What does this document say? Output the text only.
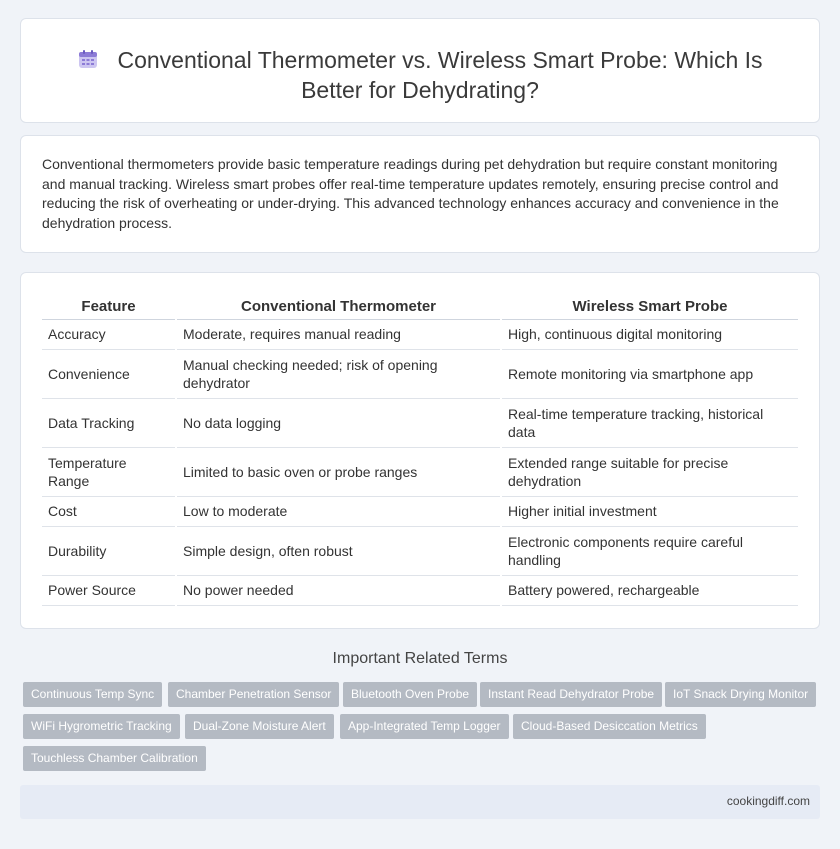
Conventional Thermometer vs. Wireless Smart Probe: Which Is
Better for Dehydrating?

Conventional thermometers provide basic temperature readings during pet dehydration but require constant monitoring and manual tracking. Wireless smart probes offer real-time temperature updates remotely, ensuring precise control and reducing the risk of overheating or under-drying. This advanced technology enhances accuracy and convenience in the dehydration process.

Feature	Conventional Thermometer	Wireless Smart Probe
Accuracy	Moderate, requires manual reading	High, continuous digital monitoring
Convenience	Manual checking needed; risk of opening dehydrator	Remote monitoring via smartphone app
Data Tracking	No data logging	Real-time temperature tracking, historical data
Temperature Range	Limited to basic oven or probe ranges	Extended range suitable for precise dehydration
Cost	Low to moderate	Higher initial investment
Durability	Simple design, often robust	Electronic components require careful handling
Power Source	No power needed	Battery powered, rechargeable
Important Related Terms
Continuous Temp Sync	Chamber Penetration Sensor	Bluetooth Oven Probe	Instant Read Dehydrator Probe	IoT Snack Drying Monitor
WiFi Hygrometric Tracking	Dual-Zone Moisture Alert	App-Integrated Temp Logger	Cloud-Based Desiccation Metrics
Touchless Chamber Calibration
cookingdiff.com
